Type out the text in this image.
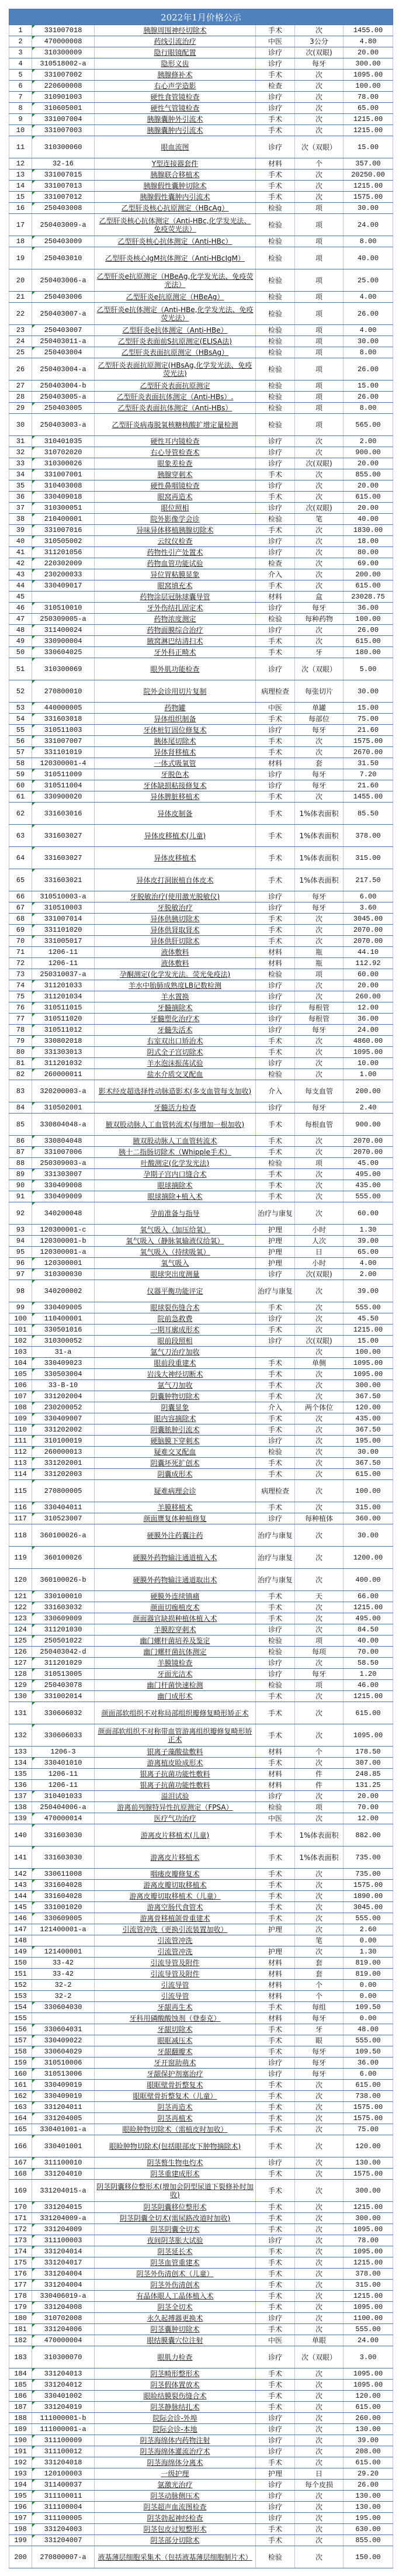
2022年1月价格公示					
1	331007018	胰腺周围神经切除术	手术	次	1455.00
2	470000008	药线引流治疗	中医	3公分	4.80
3	310300009	隐行眼镜配置	诊疗	次(双眼)	20.00
4	310518002-a	隐形义齿	诊疗	每牙	300.00
5	331007002	胰腺修补术	手术	次	1095.00
6	220600008	右心声学造影	检查	次	100.00
7	310901003	硬性食管镜检查	诊疗	次	78.00
8	310605001	硬性气管镜检查	诊疗	次	65.00
9	331007004	胰腺囊肿外引流术	手术	次	1215.00
10	331007003	胰腺囊肿内引流术	手术	次	1215.00
11	310300060	眼血流图	诊疗	次（双眼）	15.00
12	32-16	Y型连接器套件	材料	个	357.00
13	331007015	胰腺联合移植术	手术	次	20250.00
14	331007013	胰腺假性囊肿切除术	手术	次	1215.00
15	331007012	胰腺假性囊肿内引流术	手术	次	1575.00
16	250403008	乙型肝炎核心抗原测定（HBcAg）	检验	项	30.00
17	250403009-a	乙型肝炎核心抗体测定（Anti-HBc,化学发光法、免疫荧光法）	检验	项	24.00
18	250403009	乙型肝炎核心抗体测定（Anti-HBc）	检验	项	8.00
19	250403010	乙型肝炎核心IgM抗体测定（Anti-HBcIgM）	检验	项	40.00
20	250403006-a	乙型肝炎e抗原测定（HBeAg,化学发光法、免疫荧光法）	检验	项	25.00
21	250403006	乙型肝炎e抗原测定（HBeAg）	检验	项	4.00
22	250403007-a	乙型肝炎e抗体测定（Anti-HBe,化学发光法、免疫荧光法）	检验	项	26.00
23	250403007	乙型肝炎e抗体测定（Anti-HBe）	检验	项	4.00
24	250403011-a	乙型肝炎表面前S抗原测定(ELISA法)	检验	项	30.00
25	250403004	乙型肝炎表面抗原测定（HBsAg）	检验	项	8.00
26	250403004-a	乙型肝炎表面抗原测定(HBsAg,化学发光法、免疫荧光法)	检验	项	26.00
27	250403004-b	乙型肝炎表面抗原测定	检验	项	15.00
28	250403005-a	乙型肝炎表面抗体测定（Anti-HBs）.	检验	项	26.00
29	250403005	乙型肝炎表面抗体测定（Anti-HBs）	检验	项	8.00
30	250403003-a	乙型肝炎病毒脱氧核糖核酸扩增定量检测	检验	项	565.00
31	310401035	硬性耳内镜检查	诊疗	次	2.00
32	310702020	右心导管检查术	诊疗	次	900.00
33	310300026	眼象差检查	诊疗	次(双眼)	20.00
34	331007001	胰腺穿刺术	手术	次	855.00
35	310403008	硬性鼻咽镜检查	诊疗	次	20.00
36	330409018	眼窝再造术	手术	次	615.00
37	310300051	眼位照相	诊疗	次(双眼)	20.00
38	210400001	院外影像学会诊	检验	笔	40.00
39	331007016	异味异体移植胰腺切除术	手术	次	1830.00
40	310505002	云纹仪检查	诊疗	次	18.00
41	311201056	药物性引产处置术	诊疗	次	80.00
42	220302009	药物血管功能试验	检查	次	69.00
43	230200033	异位胃粘膜显象	介入	次	200.00
44	330409017	眼窝填充术	手术	次	615.00
45		药物涂层冠脉球囊导管	材料	盒	23028.75
46	310510010	牙外伤结扎固定术	诊疗	每牙	36.00
47	250309005-a	药物浓度测定	检验	每种药物	100.00
48	311400024	药物面膜综合治疗	诊疗	次	26.00
49	330900004	腋窝淋巴结清扫术	手术	次	615.00
50	330604025	牙外科正畸术	手术	牙	180.00
51	310300069	眼外肌功能检查	诊疗	次（双眼）	5.00
52	270800010	院外会诊用切片复制	病理检查	每张切片	30.00
53	440000005	药物罐	中医	单罐	15.00
54	331603018	异体组织制备	手术	每部位	75.00
55	310511003	牙体桩钉固位修复术	诊疗	每牙	21.60
56	331007007	胰体尾切除术	手术	次	1575.00
57	331101019	异体肾移植术	手术	次	2670.00
58	120300001-4	一体式吸氧管	材料	套	31.50
59	310511009	牙脱色术	诊疗	每牙	7.20
60	310511004	牙体缺损粘接修复术	诊疗	每牙	21.60
61	330900020	异体脾脏移植术	手术	次	1455.00
62	331603016	异体皮制备	手术	1%体表面积	85.50
63	331603027	异体皮移植术(儿童)	手术	1%体表面积	378.00
64	331603027	异体皮移植术	手术	1%体表面积	315.00
65	331603021	异体皮打洞嵌植自体皮术	手术	1%体表面积	217.50
66	310510003-a	牙脱敏治疗(使用激光脱敏仪)	诊疗	每牙	6.00
67	310510003	牙脱敏治疗	诊疗	每牙	3.60
68	331007014	异体供胰切除术	手术	次	3045.00
69	331101020	异体供肾取肾术	手术	次	2070.00
70	331005017	异体供肝切除术	手术	次	2070.00
71	1206-11	液体敷料	材料	瓶	44.10
72	1206-11	液体敷料	材料	瓶	112.92
73	250310037-a	孕酮测定(化学发光法。荧光免疫法)	检验	项	60.00
74	311201033	羊水中胎肺成熟度LB记数检测	诊疗	次	20.00
75	311201034	羊水置换	诊疗	次	260.00
76	310511015	牙髓摘除术	诊疗	每根管	12.00
77	310511020	牙髓塑化治疗术	诊疗	每根管	36.00
78	310511012	牙髓失活术	诊疗	每牙	24.00
79	330802018	右室双出口矫治术	手术	次	4860.00
80	331303013	阴式全子宫切除术	手术	次	1095.00
81	311201032	羊水泡沫振荡试验	诊疗	次	10.00
82	260000011	盐水介质交叉配血	检验	次	1.00
83	320200003-a	影术经皮超选择性动脉造影术(多支血管每支加收)	介入	每支血管	200.00
84	310502001	牙髓活力检查	诊疗	每牙	2.40
85	330804048-a	腋双股动脉人工血管转流术(每增加一根加收)	手术	每根血管	900.00
86	330804048	腋双股动脉人工血管转流术	手术	次	2070.00
87	331007006	胰十二指肠切除术（Whipple手术）	手术	次	2070.00
88	250309003-a	叶酸测定(化学发光法)	检验	项	45.00
89	331303007	孕期子宫内口缝合术	手术	次	495.00
90	330409008	眼球摘除术	手术	次	435.00
91	330409009	眼球摘除+植入术	手术	次	555.00
92	340200048	孕前准备与指导	治疗与康复	次	60.00
93	120300001-c	氧气吸入（加压给氧）	护理	小时	1.30
94	120300001-b	氧气吸入（静脉氧输液仪给氧）	护理	人次	39.00
95	120300001-a	氧气吸入（持续吸氧）	护理	日	65.00
96	120300001	氧气吸入	护理	小时	4.00
97	310300030	眼球突出度测量	诊疗	次(双眼)	2.00
98	340200002	仪器平衡功能评定	治疗与康复	次	39.00
99	330409005	眼球裂伤缝合术	手术	次	555.00
100	110400001	院前急救费	诊疗	次	45.50
101	330501016	一期耳廓成形术	手术	次	1215.00
102	310300052	眼前段照相	诊疗	次(双眼)	15.00
103	31-a	氩气刀治疗加收		次	100.00
104	330409023	眼前段重建术	手术	单侧	1095.00
105	330503004	岩浅大神经切断术	手术	次	1095.00
106	33-B-10	氩气刀加收	手术	次	300.00
107	331202004	阴囊肿物切除术	手术	次	367.50
108	230200052	阴囊显象	介入	两个体位	120.00
109	330409007	眼内容摘除术	手术	次	435.00
110	331202002	阴囊脓肿引流术	手术	次	367.50
111	310100019	硬脑膜下穿刺术	诊疗	次	195.00
112	260000013	疑难交叉配血	检验	次	30.00
113	331202001	阴囊坏死扩创术	手术	次	367.50
114	331202003	阴囊成形术	手术	次	615.00
115	270800005	疑难病理会诊	病理检查	次	100.00
116	330404011	羊膜移植术	手术	次	315.00
117	310523007	颜面赝复体种植修复	诊疗	每种植体	360.00
118	360100026-a	硬膜外注药囊注药	治疗与康复	次	30.00
119	360100026	硬膜外药物输注通道植入术	治疗与康复	次	1200.00
120	360100026-b	硬膜外药物输注通道取出术	治疗与康复	次	400.00
121	330100010	硬膜外连续镇痛	手术	天	66.00
122	331603032	颜面切痂植皮术	手术	次	1215.00
123	330609009	颜面器官缺损种植体植入术	手术	次	495.00
124	311201030	羊膜腔穿刺术	诊疗	次	84.50
125	250501022	幽门螺杆菌培养及鉴定	检验	项	40.00
126	250403042-d	幽门螺杆菌抗体测定	检验	每项	70.00
127	311201029	羊膜镜检查	诊疗	次	58.50
128	310513005	牙面光洁术	诊疗	每牙	1.20
129	250403078	幽门杆菌快速检测	检验	项	46.00
130	331002014	幽门成形术	手术	次	1215.00
131	330606032	颜面部软组织不对称局部组织瓣修复畸形矫正术	手术	次	615.00
132	330606033	颜面部软组织不对称带血管游离组织瓣修复畸形矫正术	手术	次	1095.00
133	1206-3	银离子藻酸盐敷料	材料	个	178.50
134	330401010	游离植皮睑成形术	手术	次	307.00
135	1206-11	银离子抗菌功能性敷料	材料	件	248.85
136	1206-11	银离子抗菌功能性敷料	材料	件	131.25
137	310401033	溢泪试验	诊疗	次	20.00
138	250404006-a	游离前列腺特异性抗原测定（FPSA）	检验	项	70.00
139	470000014	医疗气功治疗	中医	次	12.00
140	331603030	游离皮片移植术(儿童)	手术	1%体表面积	882.00
141	331603030	游离皮片移植术	手术	1%体表面积	735.00
142	330611008	咽瘘皮瓣修复术	手术	次	735.00
143	331604028	游离皮瓣切取移植术	手术	次	1575.00
144	331604028	游离皮瓣切取移植术（儿童）	手术	次	1890.00
145	331001020	游离空肠代食管术	手术	次	3045.00
146	330609005	游离骨移植颌骨重建术	手术	次	555.00
147	121400001-a	引流管冲洗（更换引流装置加收）	护理	次	2.60
148		引流管冲洗		笔	0.00
149	121400001	引流管冲洗	护理	次	1.30
150	33-42	引流导管及附件	材料	套	819.00
151	33-42	引流导管及附件	材料	套	819.00
152	32-2	引流导管	材料	个	0.00
153	32-2	引流导管	材料	个	0.00
154	330604030	牙龈再生术	手术	每组	109.50
155		牙科用磷酸酸蚀剂（登泰克）	材料	每牙	0.00
156	330604031	牙龈切除术	手术	牙	48.00
157	330409022	眼眶减压术	手术	眼	555.00
158	330604029	牙龈翻瓣术	手术	每牙	109.50
159	310510006	牙开窗助萌术	诊疗	每牙	36.00
160	310513006	牙龈保护剂塞治疗	诊疗	每牙	6.00
161	330409019	眼眶壁骨折整复术	手术	次	615.00
162	330409019	眼眶壁骨折整复术（儿童）	手术	次	738.00
163	331204011	阴茎再造术	手术	次	1575.00
164	331204005	阴茎再植术	手术	次	1575.00
165	330401001-a	眼睑肿物切除术（需植皮时加收）	手术	次	75.00
166	330401001	眼睑肿物切除术(包括眼部皮下肿物摘除术)	手术	次	120.00
167	311100010	阴茎赘生物电灼术	诊疗	次	130.00
168	331204010	阴茎重建成形术	手术	次	1575.00
169	331204015-a	阴茎阴囊移位整形术(增加会阴型尿道下裂修补时加收)	手术	次	300.00
170	331204015	阴茎阴囊移位整形术	手术	次	1215.00
171	331204009-a	阴茎阴囊全切术(需尿路改道时加收)	手术	次	300.00
172	331204009	阴茎阴囊全切术	手术	次	1095.00
173	311100003	夜间阴茎胀大试验	诊疗	次	78.00
174	331204014	阴茎延长术	手术	次	1095.00
175	331204017	阴茎血管重建术	手术	次	1215.00
176	331204004	阴茎外伤清创术（儿童）	手术	次	378.00
177	331204004	阴茎外伤清创术	手术	次	315.00
178	330406019-a	有晶体眼人工晶体植入术	手术	次	1215.00
179	331204008	阴茎全切术	手术	次	1095.00
180	310702008	永久起搏器更换术	诊疗	次	1100.00
181	331204006	阴茎囊肿切除术	手术	次	555.00
182	470000004	眼结膜囊穴位注射	中医	单眼	24.00
183	310300070	眼肌力检查	诊疗	次（双眼）	3.00
184	331204013	阴茎畸形整形术	手术	次	1095.00
185	331204012	阴茎假体置放术	手术	次	1095.00
186	330401002	眼睑结膜裂伤缝合术	手术	次	120.00
187	331204019	阴茎静脉结扎术	手术	次	615.00
188	111000001-b	院际会诊-外埠	诊疗	次	260.00
189	111000001-a	院际会诊-本地	诊疗	次	130.00
190	311100009	阴茎海绵体内药物注射	诊疗	次	39.00
191	311100012	阴茎海绵体灌流治疗术	诊疗	次	208.00
192	331204018	阴茎海绵体分离术	手术	次	615.00
193	120100003	一级护理	护理	日	29.20
194	311400037	氩激光治疗	诊疗	每个皮损	26.00
195	311100011	阴茎动脉侧压术	诊疗	次	130.00
196	311100004	阴茎超声血流图检查	诊疗	次	130.00
197	311100005	阴茎勃起神经检查	诊疗	次	195.00
198	331204003	阴茎包皮过短整形术	手术	次	630.00
199	331204007	阴茎部分切除术	手术	次	855.00
200	270800007-a	液基薄层细胞采集术（包括液基薄层细胞制片术）	检验	次	150.00
